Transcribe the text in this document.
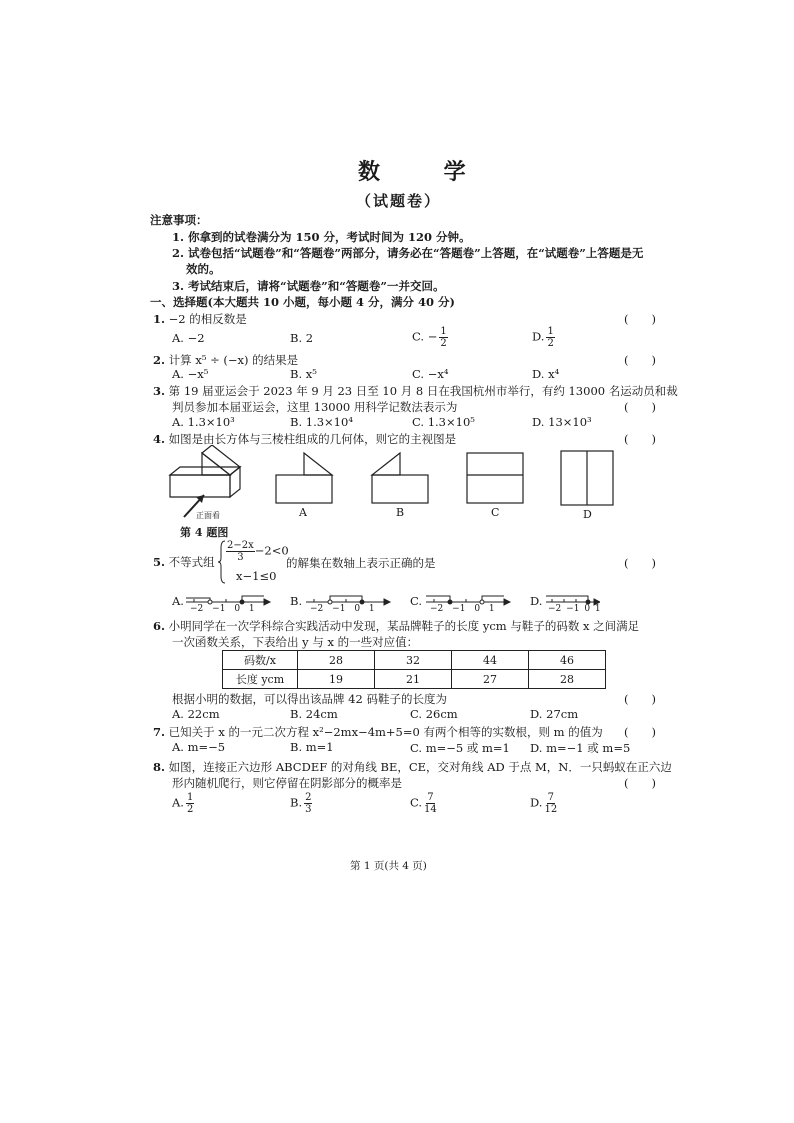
数 学
（试题卷）
注意事项：
1. 你拿到的试卷满分为 150 分，考试时间为 120 分钟。
2. 试卷包括“试题卷”和“答题卷”两部分，请务必在“答题卷”上答题，在“试题卷”上答题是无
效的。
3. 考试结束后，请将“试题卷”和“答题卷”一并交回。
一、选择题(本大题共 10 小题，每小题 4 分，满分 40 分)
1. −2 的相反数是	(　　)
A. −2	B. 2	C. − $\frac{1}{2}$	D. $\frac{1}{2}$
2. 计算 x⁵ ÷ (−x) 的结果是	(　　)
A. −x⁵	B. x⁵	C. −x⁴	D. x⁴
3. 第 19 届亚运会于 2023 年 9 月 23 日至 10 月 8 日在我国杭州市举行，有约 13000 名运动员和裁
判员参加本届亚运会，这里 13000 用科学记数法表示为	(　　)
A. 1.3×10³	B. 1.3×10⁴	C. 1.3×10⁵	D. 13×10³
4. 如图是由长方体与三棱柱组成的几何体，则它的主视图是	(　　)
正面看
第 4 题图
A	B	C	D
5. 不等式组 $\frac{2-2x}{3} -2<0$
x−1≤0
的解集在数轴上表示正确的是	(　　)
A.	B.	C.	D.
−2 −1 0 1	−2 −1 0 1	−2 −1 0 1	−2 −1 0 1
6. 小明同学在一次学科综合实践活动中发现，某品牌鞋子的长度 ycm 与鞋子的码数 x 之间满足
一次函数关系，下表给出 y 与 x 的一些对应值：
码数/x	28	32	44	46
长度 ycm	19	21	27	28
根据小明的数据，可以得出该品牌 42 码鞋子的长度为	(　　)
A. 22cm	B. 24cm	C. 26cm	D. 27cm
7. 已知关于 x 的一元二次方程 x²−2mx−4m+5=0 有两个相等的实数根，则 m 的值为 (　　)
A. m=−5	B. m=1	C. m=−5 或 m=1 D. m=−1 或 m=5
8. 如图，连接正六边形 ABCDEF 的对角线 BE，CE，交对角线 AD 于点 M，N．一只蚂蚁在正六边
形内随机爬行，则它停留在阴影部分的概率是	(　　)
A. $\frac{1}{2}$	B. $\frac{2}{3}$	C. $\frac{7}{14}$	D. $\frac{7}{12}$
第 1 页(共 4 页)
